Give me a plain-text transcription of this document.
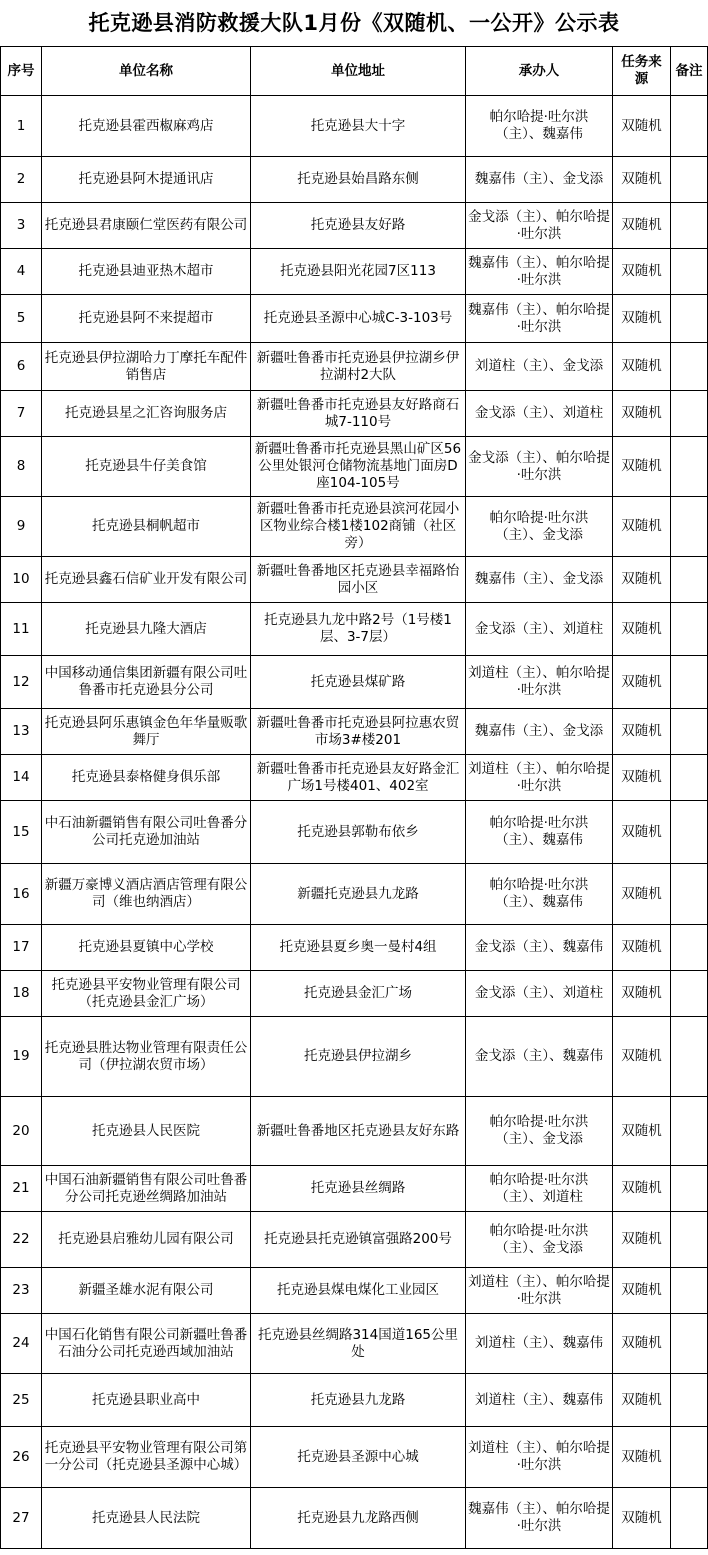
托克逊县消防救援大队1月份《双随机、一公开》公示表
序号	单位名称	单位地址	承办人	任务来源	备注
1	托克逊县霍西椒麻鸡店	托克逊县大十字	帕尔哈提·吐尔洪（主）、魏嘉伟	双随机	
2	托克逊县阿木提通讯店	托克逊县始昌路东侧	魏嘉伟（主）、金戈添	双随机	
3	托克逊县君康颐仁堂医药有限公司	托克逊县友好路	金戈添（主）、帕尔哈提·吐尔洪	双随机	
4	托克逊县迪亚热木超市	托克逊县阳光花园7区113	魏嘉伟（主）、帕尔哈提·吐尔洪	双随机	
5	托克逊县阿不来提超市	托克逊县圣源中心城C-3-103号	魏嘉伟（主）、帕尔哈提·吐尔洪	双随机	
6	托克逊县伊拉湖哈力丁摩托车配件销售店	新疆吐鲁番市托克逊县伊拉湖乡伊拉湖村2大队	刘道柱（主）、金戈添	双随机	
7	托克逊县星之汇咨询服务店	新疆吐鲁番市托克逊县友好路商石城7-110号	金戈添（主）、刘道柱	双随机	
8	托克逊县牛仔美食馆	新疆吐鲁番市托克逊县黑山矿区56公里处银河仓储物流基地门面房D座104-105号	金戈添（主）、帕尔哈提·吐尔洪	双随机	
9	托克逊县桐帆超市	新疆吐鲁番市托克逊县滨河花园小区物业综合楼1楼102商铺（社区旁）	帕尔哈提·吐尔洪（主）、金戈添	双随机	
10	托克逊县鑫石信矿业开发有限公司	新疆吐鲁番地区托克逊县幸福路怡园小区	魏嘉伟（主）、金戈添	双随机	
11	托克逊县九隆大酒店	托克逊县九龙中路2号（1号楼1层、3-7层）	金戈添（主）、刘道柱	双随机	
12	中国移动通信集团新疆有限公司吐鲁番市托克逊县分公司	托克逊县煤矿路	刘道柱（主）、帕尔哈提·吐尔洪	双随机	
13	托克逊县阿乐惠镇金色年华量贩歌舞厅	新疆吐鲁番市托克逊县阿拉惠农贸市场3#楼201	魏嘉伟（主）、金戈添	双随机	
14	托克逊县泰格健身俱乐部	新疆吐鲁番市托克逊县友好路金汇广场1号楼401、402室	刘道柱（主）、帕尔哈提·吐尔洪	双随机	
15	中石油新疆销售有限公司吐鲁番分公司托克逊加油站	托克逊县郭勒布依乡	帕尔哈提·吐尔洪（主）、魏嘉伟	双随机	
16	新疆万豪博义酒店酒店管理有限公司（维也纳酒店）	新疆托克逊县九龙路	帕尔哈提·吐尔洪（主）、魏嘉伟	双随机	
17	托克逊县夏镇中心学校	托克逊县夏乡奥一曼村4组	金戈添（主）、魏嘉伟	双随机	
18	托克逊县平安物业管理有限公司（托克逊县金汇广场）	托克逊县金汇广场	金戈添（主）、刘道柱	双随机	
19	托克逊县胜达物业管理有限责任公司（伊拉湖农贸市场）	托克逊县伊拉湖乡	金戈添（主）、魏嘉伟	双随机	
20	托克逊县人民医院	新疆吐鲁番地区托克逊县友好东路	帕尔哈提·吐尔洪（主）、金戈添	双随机	
21	中国石油新疆销售有限公司吐鲁番分公司托克逊丝绸路加油站	托克逊县丝绸路	帕尔哈提·吐尔洪（主）、刘道柱	双随机	
22	托克逊县启雅幼儿园有限公司	托克逊县托克逊镇富强路200号	帕尔哈提·吐尔洪（主）、金戈添	双随机	
23	新疆圣雄水泥有限公司	托克逊县煤电煤化工业园区	刘道柱（主）、帕尔哈提·吐尔洪	双随机	
24	中国石化销售有限公司新疆吐鲁番石油分公司托克逊西域加油站	托克逊县丝绸路314国道165公里处	刘道柱（主）、魏嘉伟	双随机	
25	托克逊县职业高中	托克逊县九龙路	刘道柱（主）、魏嘉伟	双随机	
26	托克逊县平安物业管理有限公司第一分公司（托克逊县圣源中心城）	托克逊县圣源中心城	刘道柱（主）、帕尔哈提·吐尔洪	双随机	
27	托克逊县人民法院	托克逊县九龙路西侧	魏嘉伟（主）、帕尔哈提·吐尔洪	双随机	
